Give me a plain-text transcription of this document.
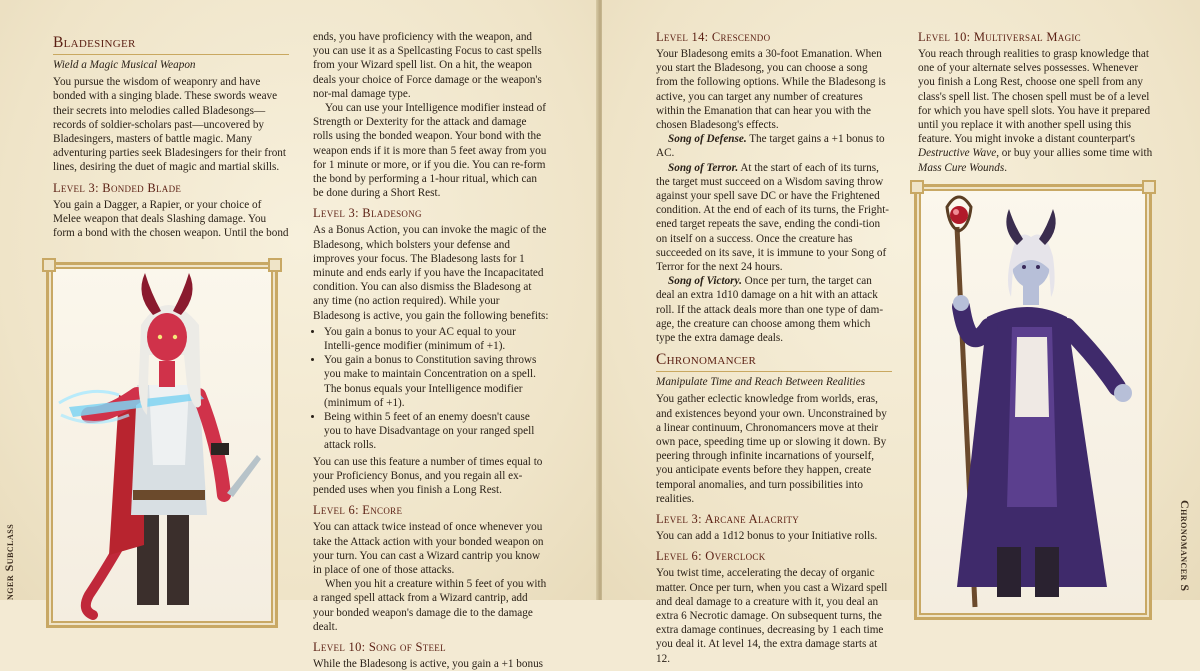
Bladesinger
Wield a Magic Musical Weapon

You pursue the wisdom of weaponry and have bonded with a singing blade. These swords weave their secrets into melodies called Bladesongs—records of soldier-scholars past—uncovered by Bladesingers, masters of battle magic. Many adventuring parties seek Bladesingers for their front lines, desiring the duet of magic and martial skills.

Level 3: Bonded Blade

You gain a Dagger, a Rapier, or your choice of Melee weapon that deals Slashing damage. You form a bond with the chosen weapon. Until the bond

ends, you have proficiency with the weapon, and you can use it as a Spellcasting Focus to cast spells from your Wizard spell list. On a hit, the weapon deals your choice of Force damage or the weapon's nor-mal damage type.

You can use your Intelligence modifier instead of Strength or Dexterity for the attack and damage rolls using the bonded weapon. Your bond with the weapon ends if it is more than 5 feet away from you for 1 minute or more, or if you die. You can re-form the bond by performing a 1-hour ritual, which can be done during a Short Rest.

Level 3: Bladesong

As a Bonus Action, you can invoke the magic of the Bladesong, which bolsters your defense and improves your focus. The Bladesong lasts for 1 minute and ends early if you have the Incapacitated condition. You can also dismiss the Bladesong at any time (no action required). While your Bladesong is active, you gain the following benefits:

• You gain a bonus to your AC equal to your Intelli-gence modifier (minimum of +1).
• You gain a bonus to Constitution saving throws you make to maintain Concentration on a spell. The bonus equals your Intelligence modifier (minimum of +1).
• Being within 5 feet of an enemy doesn't cause you to have Disadvantage on your ranged spell attack rolls.

You can use this feature a number of times equal to your Proficiency Bonus, and you regain all ex-pended uses when you finish a Long Rest.

Level 6: Encore

You can attack twice instead of once whenever you take the Attack action with your bonded weapon on your turn. You can cast a Wizard cantrip you know in place of one of those attacks.

When you hit a creature within 5 feet of you with a ranged spell attack from a Wizard cantrip, add your bonded weapon's damage die to the damage dealt.

Level 10: Song of Steel

While the Bladesong is active, you gain a +1 bonus

nger Subclass
Level 14: Crescendo

Your Bladesong emits a 30-foot Emanation. When you start the Bladesong, you can choose a song from the following options. While the Bladesong is active, you can target any number of creatures within the Emanation that can hear you with the chosen Bladesong's effects.

Song of Defense. The target gains a +1 bonus to AC.

Song of Terror. At the start of each of its turns, the target must succeed on a Wisdom saving throw against your spell save DC or have the Frightened condition. At the end of each of its turns, the Fright-ened target repeats the save, ending the condi-tion on itself on a success. Once the creature has succeeded on its save, it is immune to your Song of Terror for the next 24 hours.

Song of Victory. Once per turn, the target can deal an extra 1d10 damage on a hit with an attack roll. If the attack deals more than one type of dam-age, the creature can choose among them which type the extra damage deals.

Chronomancer
Manipulate Time and Reach Between Realities

You gather eclectic knowledge from worlds, eras, and existences beyond your own. Unconstrained by a linear continuum, Chronomancers move at their own pace, speeding time up or slowing it down. By peering through infinite incarnations of yourself, you anticipate events before they happen, create temporal anomalies, and turn possibilities into realities.

Level 3: Arcane Alacrity

You can add a 1d12 bonus to your Initiative rolls.

Level 6: Overclock

You twist time, accelerating the decay of organic matter. Once per turn, when you cast a Wizard spell and deal damage to a creature with it, you deal an extra 6 Necrotic damage. On subsequent turns, the extra damage continues, decreasing by 1 each time you deal it. At level 14, the extra damage starts at 12.

Level 10: Multiversal Magic

You reach through realities to grasp knowledge that one of your alternate selves possesses. Whenever you finish a Long Rest, choose one spell from any class's spell list. The chosen spell must be of a level for which you have spell slots. You have it prepared until you replace it with another spell using this feature. You might invoke a distant counterpart's Destructive Wave, or buy your allies some time with Mass Cure Wounds.

Chronomancer S
